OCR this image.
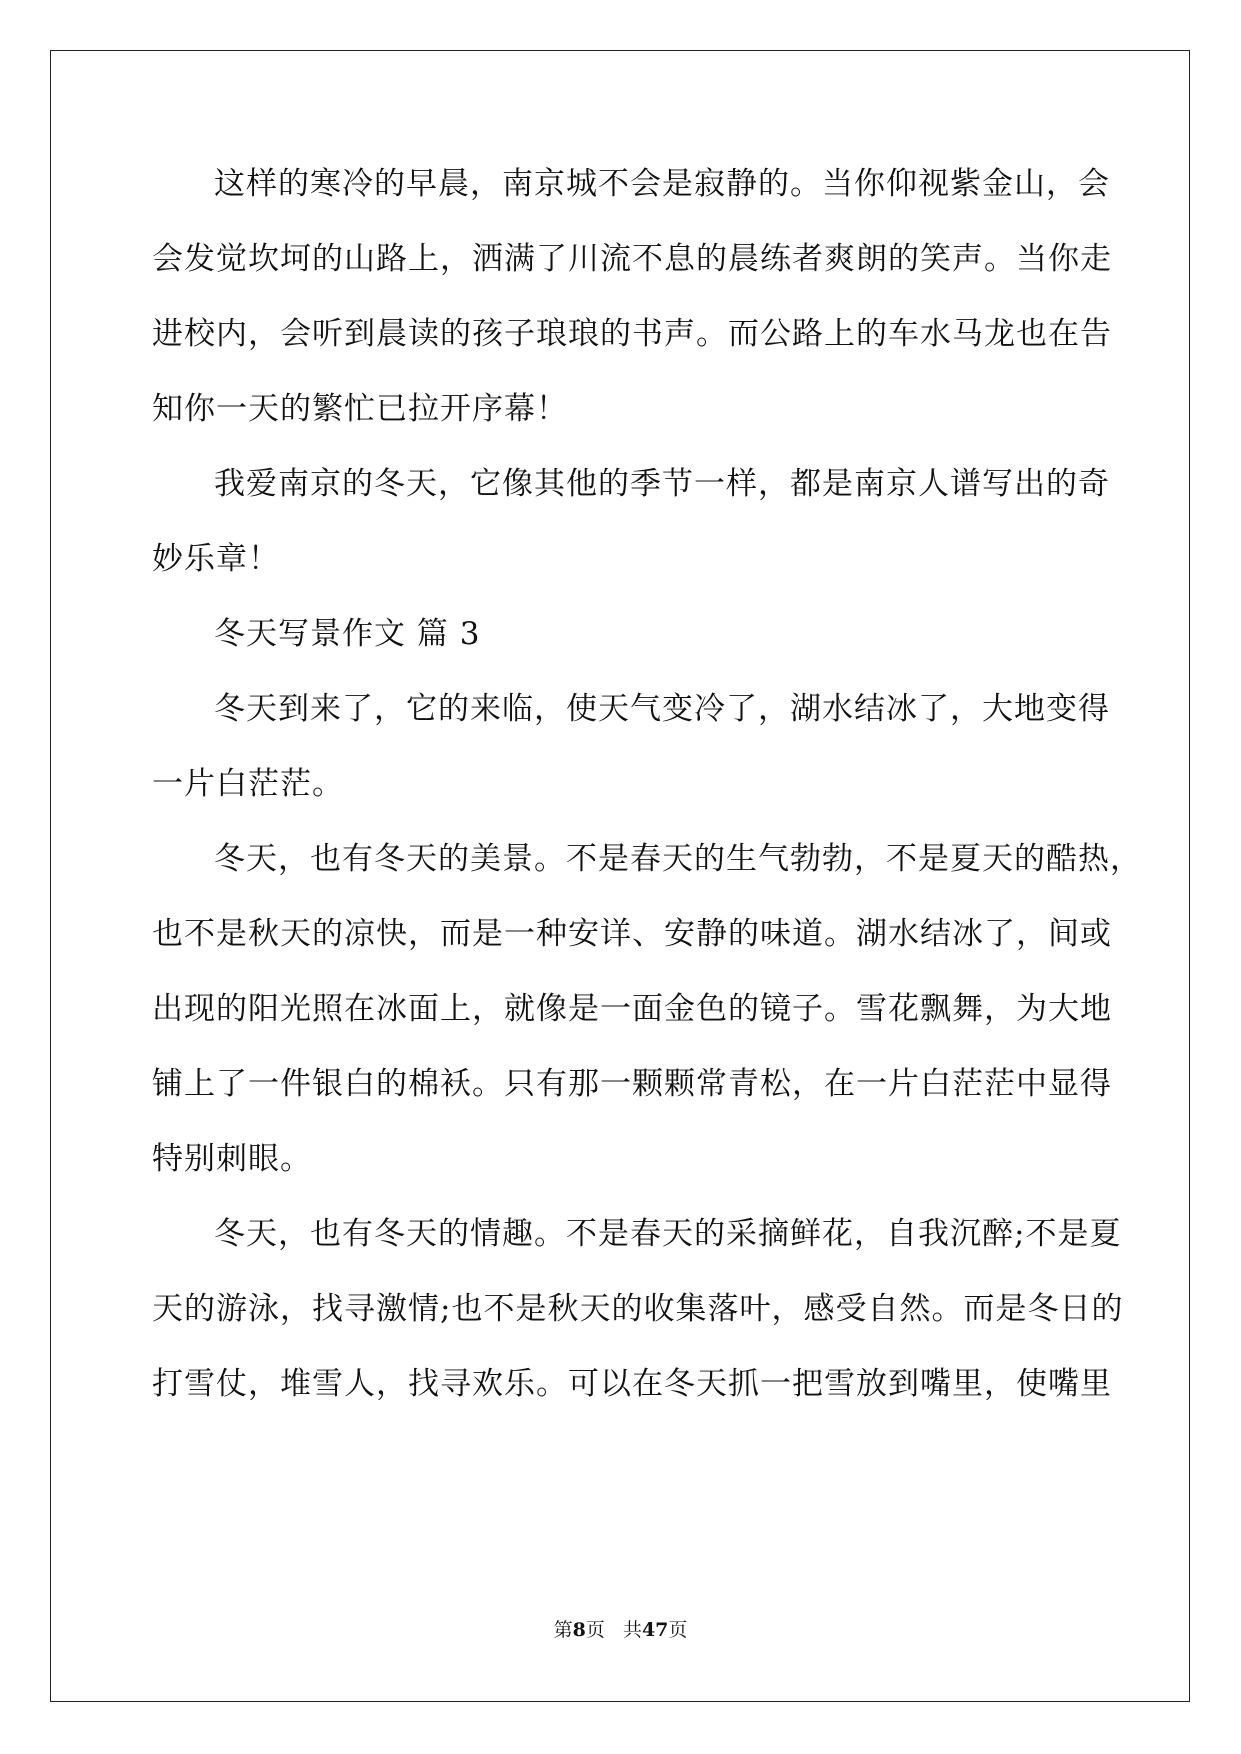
这样的寒冷的早晨，南京城不会是寂静的。当你仰视紫金山，会
会发觉坎坷的山路上，洒满了川流不息的晨练者爽朗的笑声。当你走
进校内，会听到晨读的孩子琅琅的书声。而公路上的车水马龙也在告
知你一天的繁忙已拉开序幕！
我爱南京的冬天，它像其他的季节一样，都是南京人谱写出的奇
妙乐章！
冬天写景作文 篇 3
冬天到来了，它的来临，使天气变冷了，湖水结冰了，大地变得
一片白茫茫。
冬天，也有冬天的美景。不是春天的生气勃勃，不是夏天的酷热，
也不是秋天的凉快，而是一种安详、安静的味道。湖水结冰了，间或
出现的阳光照在冰面上，就像是一面金色的镜子。雪花飘舞，为大地
铺上了一件银白的棉袄。只有那一颗颗常青松，在一片白茫茫中显得
特别刺眼。
冬天，也有冬天的情趣。不是春天的采摘鲜花，自我沉醉;不是夏
天的游泳，找寻激情;也不是秋天的收集落叶，感受自然。而是冬日的
打雪仗，堆雪人，找寻欢乐。可以在冬天抓一把雪放到嘴里，使嘴里
第8页   共47页
